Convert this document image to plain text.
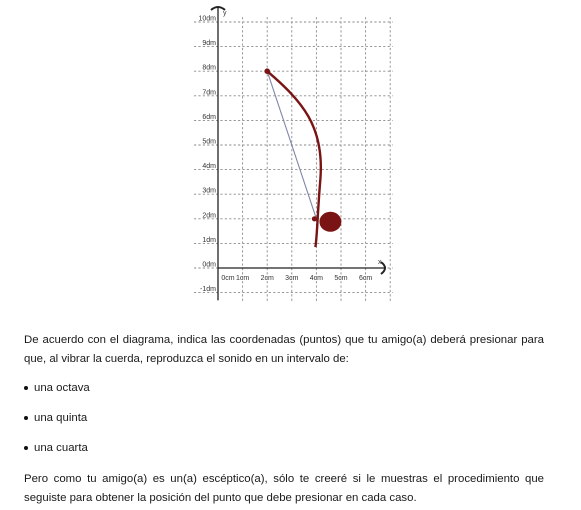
y
x
10dm
9dm
8dm
7dm
6dm
5dm
4dm
3dm
2dm
1dm
0dm
-1dm
0cm 1cm 2cm 3cm 4cm 5cm 6cm
De acuerdo con el diagrama, indica las coordenadas (puntos) que tu amigo(a) deberá presionar para que, al vibrar la cuerda, reproduzca el sonido en un intervalo de:
una octava
una quinta
una cuarta
Pero como tu amigo(a) es un(a) escéptico(a), sólo te creeré si le muestras el procedimiento que seguiste para obtener la posición del punto que debe presionar en cada caso.
